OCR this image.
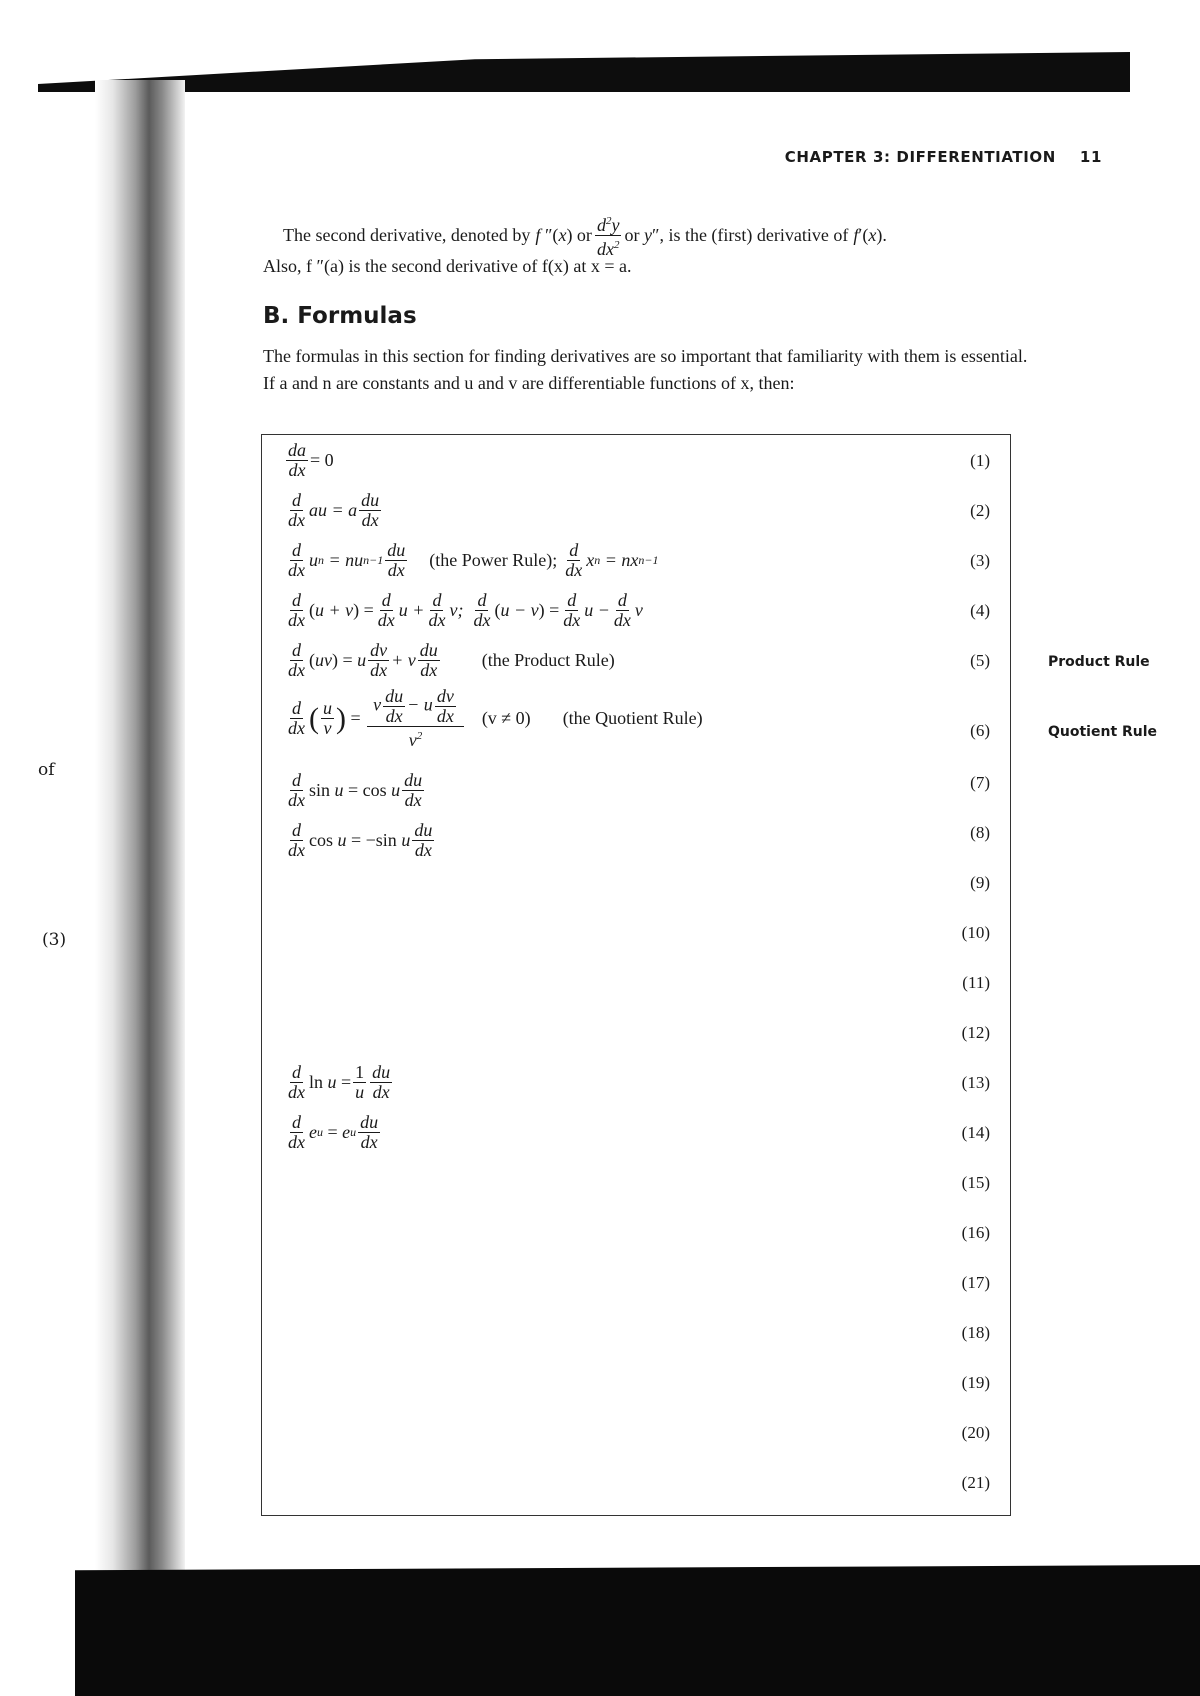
of
(3)
CHAPTER 3: DIFFERENTIATION 11
The second derivative, denoted by f ″(x) or $d^2y$
$dx^2$ or y″ , is the (first) derivative of f′(x).
Also, f ″(a) is the second derivative of f(x) at x = a.
B. Formulas
The formulas in this section for finding derivatives are so important that familiarity with them is essential. If a and n are constants and u and v are differentiable functions of x, then:
$\frac{da}{dx} = 0$
d
dx au = a du
dx
d
dx u n = nu n−1 du
dx (the Power Rule); d
dx x n = nx n−1
d
dx ( u + v ) = $\frac{d}{dx}$ u + d
dx v; d
dx ( u − v ) = $\frac{d}{dx}$ u − d
dx v
d
dx ( uv ) = u $\frac{dv}{dx} + v$ du
dx (the Product Rule)
d
dx ( u
v ) =
v $\frac{du}{dx} - u \frac{dv}{dx}$
$v^2$
(v ≠ 0) (the Quotient Rule)
d
dx sin u = cos u du
dx
d
dx cos u = −sin u du
dx
d
dx $\ln u = \frac{1}{u}$ du
dx
d
dx e u = e u du
dx
(1)
(2)
(3)
(4)
(5)
(6)
(7)
(8)
(9)
(10)
(11)
(12)
(13)
(14)
(15)
(16)
(17)
(18)
(19)
(20)
(21)
Product Rule
Quotient Rule
